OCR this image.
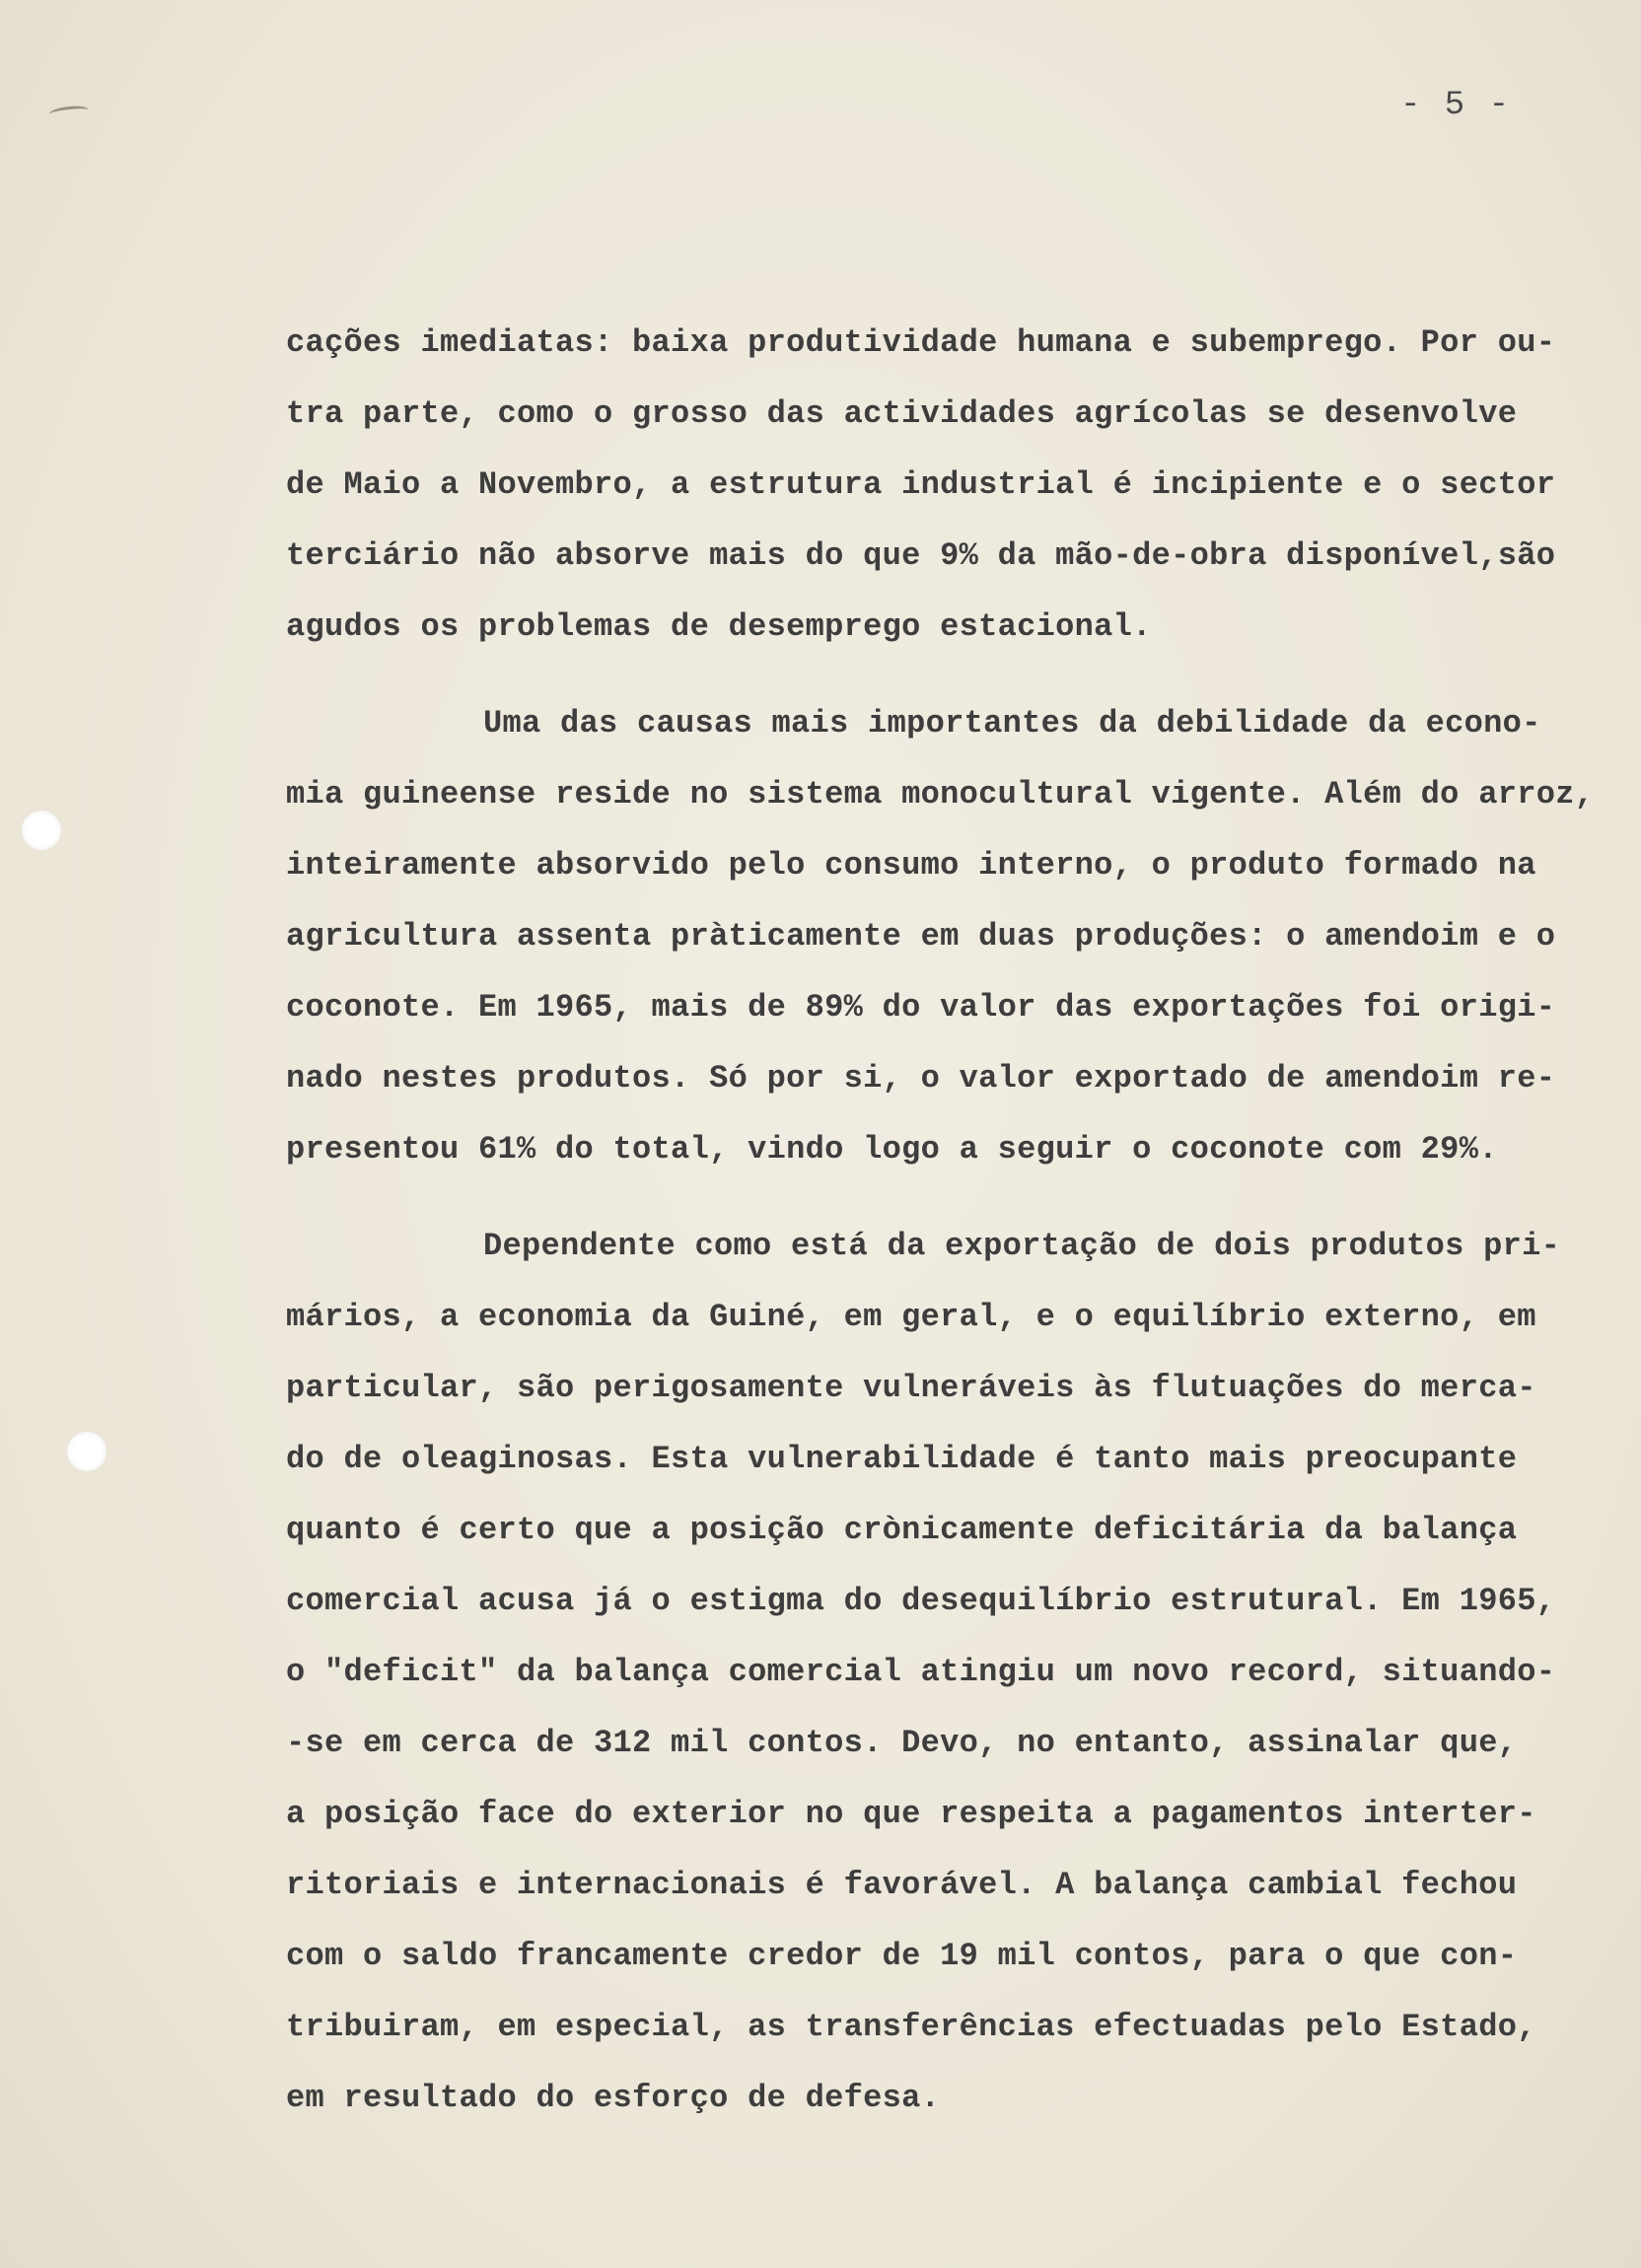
- 5 -
cações imediatas: baixa produtividade humana e subemprego. Por ou-
tra parte, como o grosso das actividades agrícolas se desenvolve
de Maio a Novembro, a estrutura industrial é incipiente e o sector
terciário não absorve mais do que 9% da mão-de-obra disponível,são
agudos os problemas de desemprego estacional.
Uma das causas mais importantes da debilidade da econo-
mia guineense reside no sistema monocultural vigente. Além do arroz,
inteiramente absorvido pelo consumo interno, o produto formado na
agricultura assenta pràticamente em duas produções: o amendoim e o
coconote. Em 1965, mais de 89% do valor das exportações foi origi-
nado nestes produtos. Só por si, o valor exportado de amendoim re-
presentou 61% do total, vindo logo a seguir o coconote com 29%.
Dependente como está da exportação de dois produtos pri-
mários, a economia da Guiné, em geral, e o equilíbrio externo, em
particular, são perigosamente vulneráveis às flutuações do merca-
do de oleaginosas. Esta vulnerabilidade é tanto mais preocupante
quanto é certo que a posição crònicamente deficitária da balança
comercial acusa já o estigma do desequilíbrio estrutural. Em 1965,
o "deficit" da balança comercial atingiu um novo record, situando-
-se em cerca de 312 mil contos. Devo, no entanto, assinalar que,
a posição face do exterior no que respeita a pagamentos interter-
ritoriais e internacionais é favorável. A balança cambial fechou
com o saldo francamente credor de 19 mil contos, para o que con-
tribuiram, em especial, as transferências efectuadas pelo Estado,
em resultado do esforço de defesa.
